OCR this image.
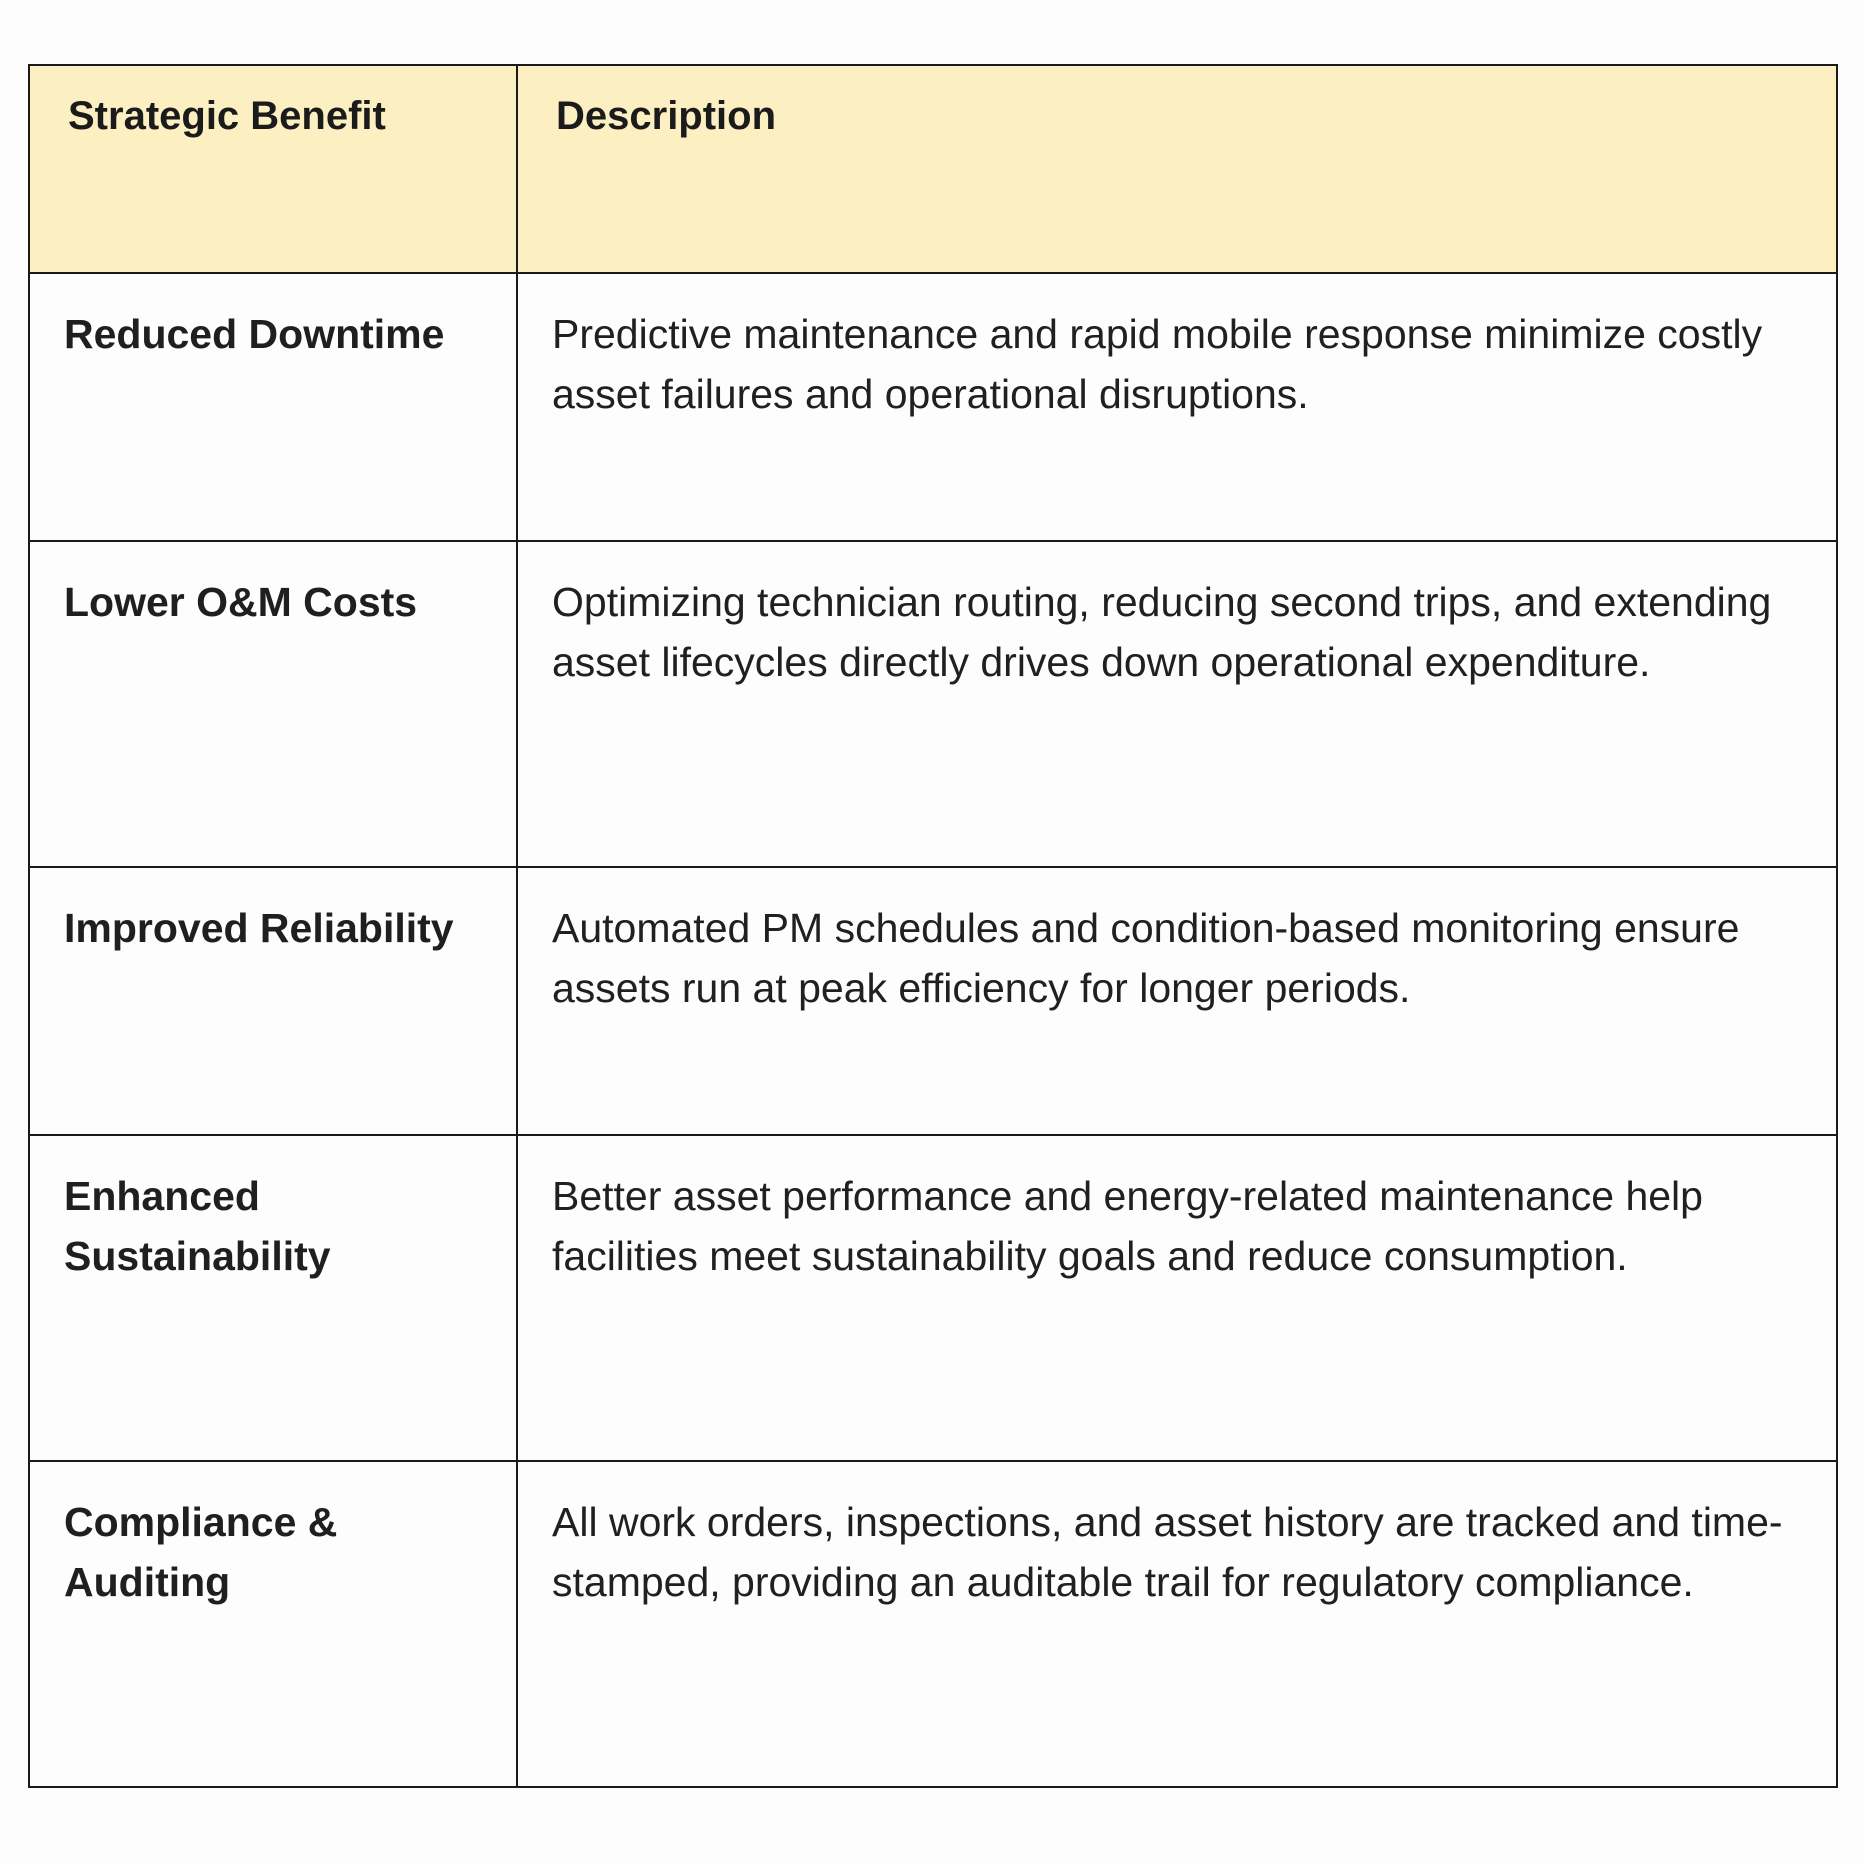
Strategic Benefit	Description
Reduced Downtime	Predictive maintenance and rapid mobile response minimize costly asset failures and operational disruptions.
Lower O&M Costs	Optimizing technician routing, reducing second trips, and extending asset lifecycles directly drives down operational expenditure.
Improved Reliability	Automated PM schedules and condition-based monitoring ensure assets run at peak efficiency for longer periods.
Enhanced Sustainability	Better asset performance and energy-related maintenance help facilities meet sustainability goals and reduce consumption.
Compliance & Auditing	All work orders, inspections, and asset history are tracked and time-stamped, providing an auditable trail for regulatory compliance.
